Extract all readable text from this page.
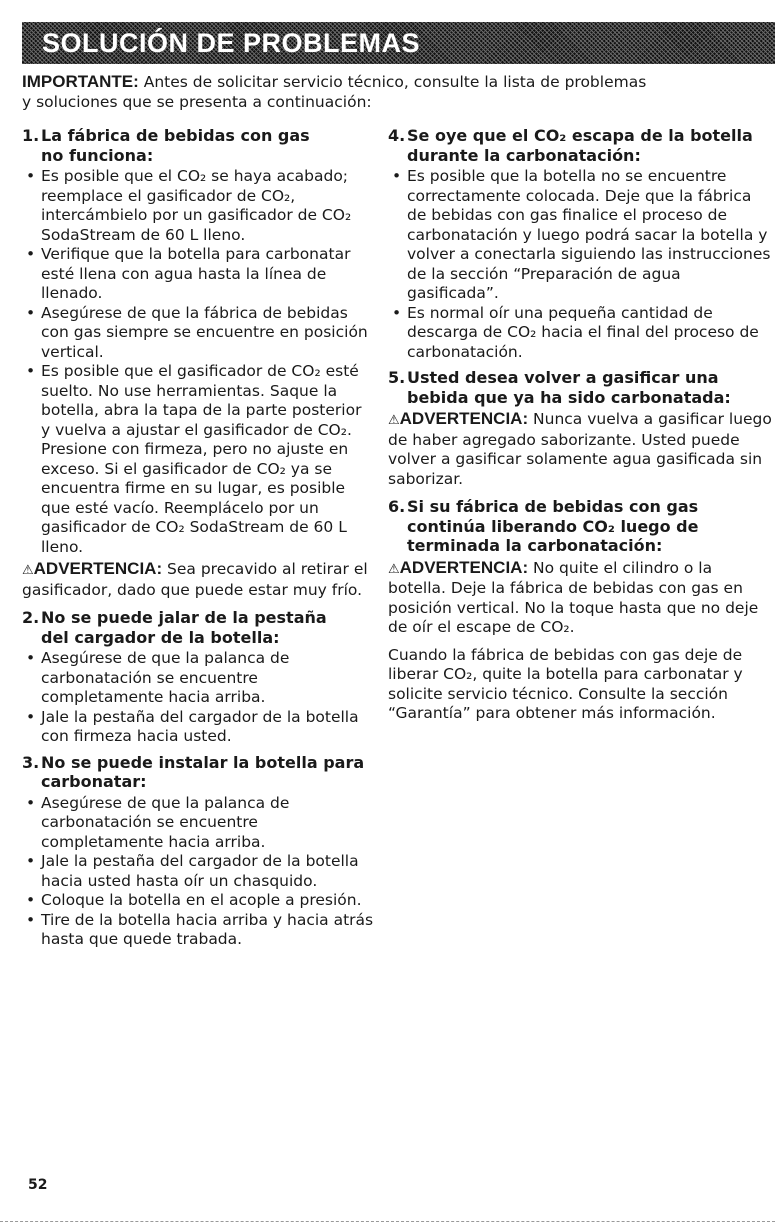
SOLUCIÓN DE PROBLEMAS

IMPORTANTE: Antes de solicitar servicio técnico, consulte la lista de problemas
y soluciones que se presenta a continuación:

1. La fábrica de bebidas con gas
no funciona:
• Es posible que el CO₂ se haya acabado; reemplace el gasificador de CO₂, intercámbielo por un gasificador de CO₂ SodaStream de 60 L lleno.
• Verifique que la botella para carbonatar esté llena con agua hasta la línea de llenado.
• Asegúrese de que la fábrica de bebidas con gas siempre se encuentre en posición vertical.
• Es posible que el gasificador de CO₂ esté suelto. No use herramientas. Saque la botella, abra la tapa de la parte posterior y vuelva a ajustar el gasificador de CO₂. Presione con firmeza, pero no ajuste en exceso. Si el gasificador de CO₂ ya se encuentra firme en su lugar, es posible que esté vacío. Reemplácelo por un gasificador de CO₂ SodaStream de 60 L lleno.

⚠ADVERTENCIA: Sea precavido al retirar el gasificador, dado que puede estar muy frío.

2. No se puede jalar de la pestaña
del cargador de la botella:
• Asegúrese de que la palanca de carbonatación se encuentre completamente hacia arriba.
• Jale la pestaña del cargador de la botella con firmeza hacia usted.
3. No se puede instalar la botella para
carbonatar:
• Asegúrese de que la palanca de carbonatación se encuentre completamente hacia arriba.
• Jale la pestaña del cargador de la botella hacia usted hasta oír un chasquido.
• Coloque la botella en el acople a presión.
• Tire de la botella hacia arriba y hacia atrás hasta que quede trabada.
4. Se oye que el CO₂ escapa de la botella
durante la carbonatación:
• Es posible que la botella no se encuentre correctamente colocada. Deje que la fábrica de bebidas con gas finalice el proceso de carbonatación y luego podrá sacar la botella y volver a conectarla siguiendo las instrucciones de la sección “Preparación de agua gasificada”.
• Es normal oír una pequeña cantidad de descarga de CO₂ hacia el final del proceso de carbonatación.
5. Usted desea volver a gasificar una
bebida que ya ha sido carbonatada:

⚠ADVERTENCIA: Nunca vuelva a gasificar luego de haber agregado saborizante. Usted puede volver a gasificar solamente agua gasificada sin saborizar.

6. Si su fábrica de bebidas con gas
continúa liberando CO₂ luego de
terminada la carbonatación:

⚠ADVERTENCIA: No quite el cilindro o la botella. Deje la fábrica de bebidas con gas en posición vertical. No la toque hasta que no deje de oír el escape de CO₂.

Cuando la fábrica de bebidas con gas deje de liberar CO₂, quite la botella para carbonatar y solicite servicio técnico. Consulte la sección “Garantía” para obtener más información.

52
